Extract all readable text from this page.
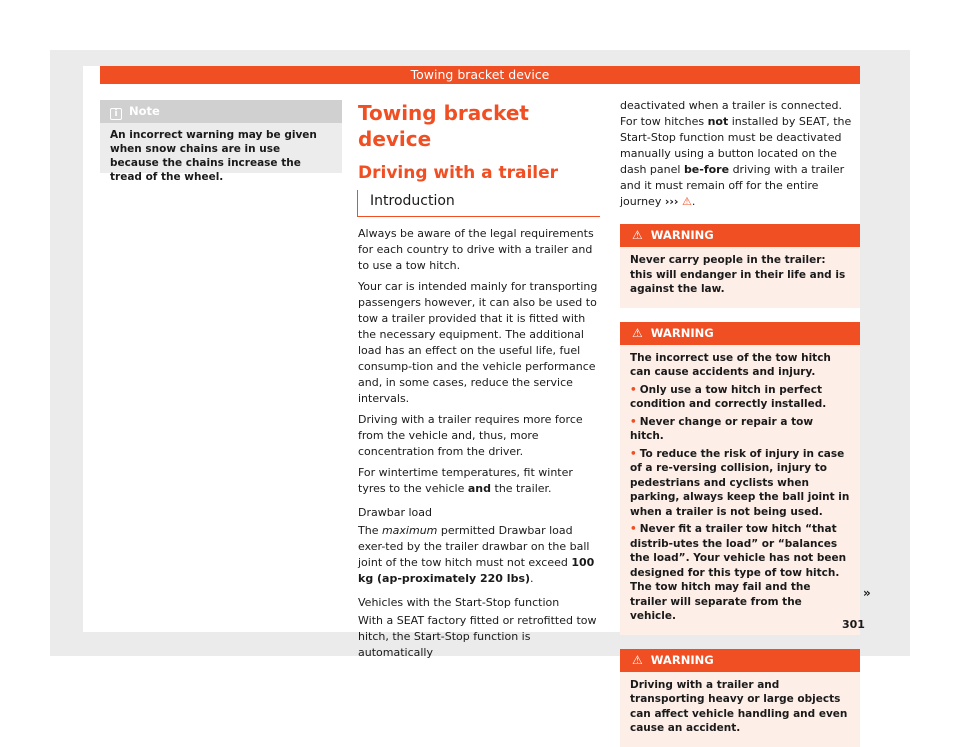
Towing bracket device
i Note
An incorrect warning may be given when snow chains are in use because the chains increase the tread of the wheel.
Towing bracket device
Driving with a trailer
Introduction

Always be aware of the legal requirements for each country to drive with a trailer and to use a tow hitch.

Your car is intended mainly for transporting passengers however, it can also be used to tow a trailer provided that it is fitted with the necessary equipment. The additional load has an effect on the useful life, fuel consump-tion and the vehicle performance and, in some cases, reduce the service intervals.

Driving with a trailer requires more force from the vehicle and, thus, more concentration from the driver.

For wintertime temperatures, fit winter tyres to the vehicle and the trailer.

Drawbar load

The maximum permitted Drawbar load exer-ted by the trailer drawbar on the ball joint of the tow hitch must not exceed 100 kg (ap-proximately 220 lbs).

Vehicles with the Start-Stop function

With a SEAT factory fitted or retrofitted tow hitch, the Start-Stop function is automatically

deactivated when a trailer is connected. For tow hitches not installed by SEAT, the Start-Stop function must be deactivated manually using a button located on the dash panel be-fore driving with a trailer and it must remain off for the entire journey ››› ⚠.

⚠ WARNING

Never carry people in the trailer: this will endanger in their life and is against the law.

⚠ WARNING

The incorrect use of the tow hitch can cause accidents and injury.

• Only use a tow hitch in perfect condition and correctly installed.

• Never change or repair a tow hitch.

• To reduce the risk of injury in case of a re-versing collision, injury to pedestrians and cyclists when parking, always keep the ball joint in when a trailer is not being used.

• Never fit a trailer tow hitch “that distrib-utes the load” or “balances the load”. Your vehicle has not been designed for this type of tow hitch. The tow hitch may fail and the trailer will separate from the vehicle.

⚠ WARNING

Driving with a trailer and transporting heavy or large objects can affect vehicle handling and even cause an accident.

»
301
